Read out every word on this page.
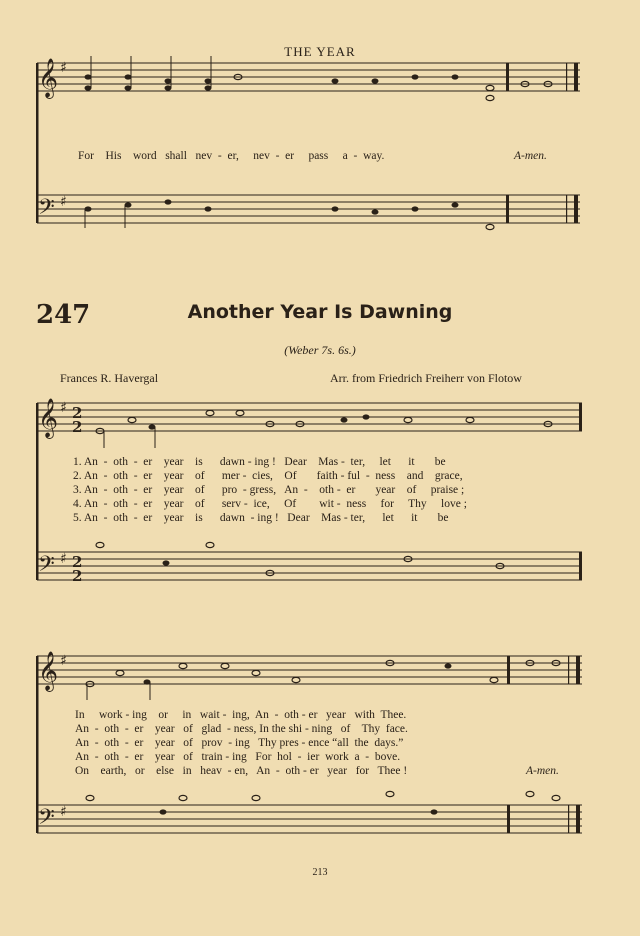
THE YEAR
𝄞
𝄢
♯
♯
𝄞
𝄢
♯
♯
2
2
2
2
𝄞
𝄢
♯
♯
For    His    word   shall   nev  -  er,     nev  -  er     pass     a  -  way.	A-men.
247	Another Year Is Dawning
(Weber 7s. 6s.)
Frances R. Havergal	Arr. from Friedrich Freiherr von Flotow
1. An  -  oth  -  er    year    is      dawn - ing !   Dear    Mas -  ter,     let      it       be
2. An  -  oth  -  er    year    of      mer -  cies,    Of       faith - ful  -  ness    and    grace,
3. An  -  oth  -  er    year    of      pro  - gress,   An  -    oth -  er       year    of     praise ;
4. An  -  oth  -  er    year    of      serv -  ice,     Of        wit -  ness     for     Thy     love ;
5. An  -  oth  -  er    year    is      dawn  - ing !   Dear    Mas - ter,      let      it       be
In     work - ing    or     in   wait -  ing,  An  -  oth - er   year   with  Thee.
An  -  oth  -  er    year   of   glad  - ness, In the shi - ning   of    Thy  face.
An  -  oth  -  er    year   of   prov  - ing   Thy pres - ence “all  the  days.”
An  -  oth  -  er    year   of   train - ing   For  hol  -  ier  work  a  -  bove.
On    earth,   or    else   in   heav  - en,   An  -  oth - er   year   for   Thee !	A-men.
213
